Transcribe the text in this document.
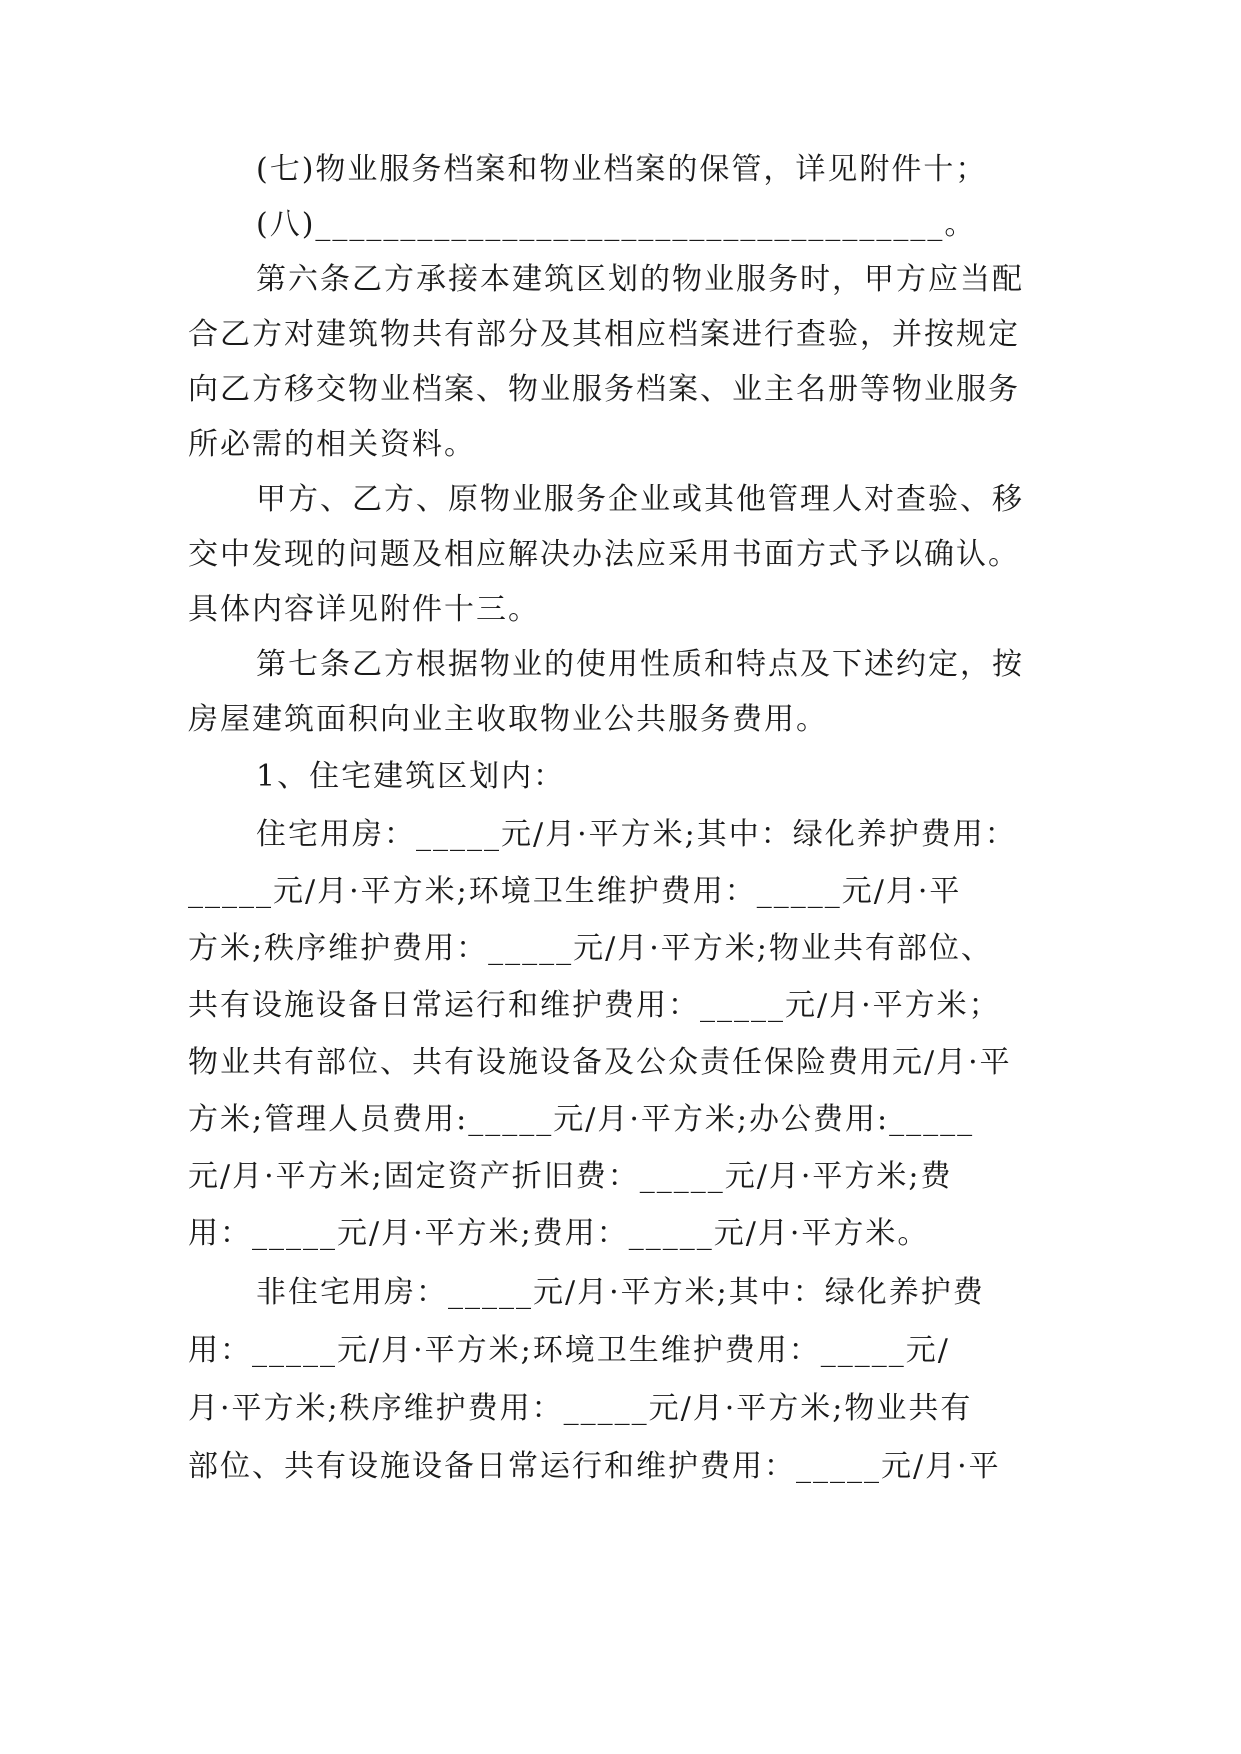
(七)物业服务档案和物业档案的保管，详见附件十；
(八)_____________________________________。
第六条乙方承接本建筑区划的物业服务时，甲方应当配
合乙方对建筑物共有部分及其相应档案进行查验，并按规定
向乙方移交物业档案、物业服务档案、业主名册等物业服务
所必需的相关资料。
甲方、乙方、原物业服务企业或其他管理人对查验、移
交中发现的问题及相应解决办法应采用书面方式予以确认。
具体内容详见附件十三。
第七条乙方根据物业的使用性质和特点及下述约定，按
房屋建筑面积向业主收取物业公共服务费用。
1、住宅建筑区划内：
住宅用房：_____元/月·平方米;其中：绿化养护费用：
_____元/月·平方米;环境卫生维护费用：_____元/月·平
方米;秩序维护费用：_____元/月·平方米;物业共有部位、
共有设施设备日常运行和维护费用：_____元/月·平方米；
物业共有部位、共有设施设备及公众责任保险费用元/月·平
方米;管理人员费用:_____元/月·平方米;办公费用:_____
元/月·平方米;固定资产折旧费：_____元/月·平方米;费
用：_____元/月·平方米;费用：_____元/月·平方米。
非住宅用房：_____元/月·平方米;其中：绿化养护费
用：_____元/月·平方米;环境卫生维护费用：_____元/
月·平方米;秩序维护费用：_____元/月·平方米;物业共有
部位、共有设施设备日常运行和维护费用：_____元/月·平
